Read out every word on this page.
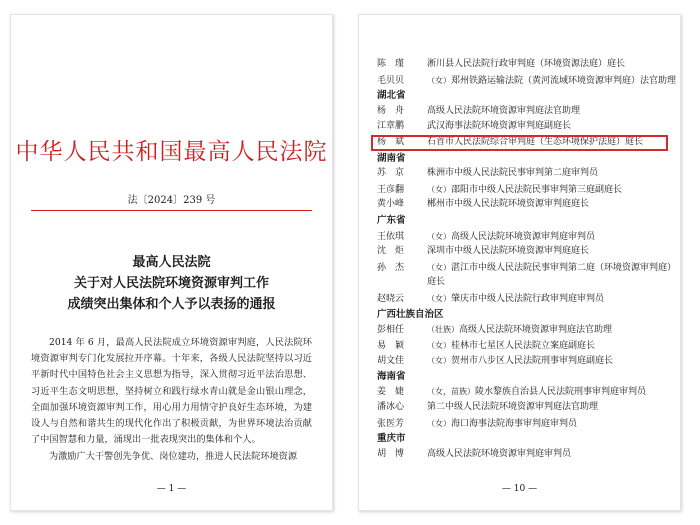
中华人民共和国最高人民法院
法〔2024〕239 号
最高人民法院
关于对人民法院环境资源审判工作
成绩突出集体和个人予以表扬的通报

2014 年 6 月，最高人民法院成立环境资源审判庭，人民法院环境资源审判专门化发展拉开序幕。十年来，各级人民法院坚持以习近平新时代中国特色社会主义思想为指导，深入贯彻习近平法治思想、习近平生态文明思想，坚持树立和践行绿水青山就是金山银山理念，全面加强环境资源审判工作，用心用力用情守护良好生态环境，为建设人与自然和谐共生的现代化作出了积极贡献，为世界环境法治贡献了中国智慧和力量，涌现出一批表现突出的集体和个人。

为激励广大干警创先争优、岗位建功，推进人民法院环境资源

— 1 —
陈　瑾	淅川县人民法院行政审判庭（环境资源法庭）庭长
毛贝贝	（女）郑州铁路运输法院（黄河流域环境资源审判庭）法官助理
湖北省
杨　舟	高级人民法院环境资源审判庭法官助理
江章鹏	武汉海事法院环境资源审判庭副庭长
杨　斌	石首市人民法院综合审判庭（生态环境保护法庭）庭长
湖南省
苏　京	株洲市中级人民法院民事审判第二庭审判员
王彦翻	（女）邵阳市中级人民法院民事审判第三庭副庭长
黄小峰	郴州市中级人民法院环境资源审判庭庭长
广东省
王依琪	（女）高级人民法院环境资源审判庭审判员
沈　炬	深圳市中级人民法院环境资源审判庭庭长
孙　杰	（女）湛江市中级人民法院民事审判第二庭（环境资源审判庭）
庭长
赵晓云	（女）肇庆市中级人民法院行政审判庭审判员
广西壮族自治区
彭相任	（壮族）高级人民法院环境资源审判庭法官助理
易　颖	（女）桂林市七星区人民法院立案庭副庭长
胡文佳	（女）贺州市八步区人民法院刑事审判庭副庭长
海南省
姜　婕	（女，苗族）陵水黎族自治县人民法院刑事审判庭审判员
潘冰心	第二中级人民法院环境资源审判庭法官助理
张医芳	（女）海口海事法院海事审判庭审判员
重庆市
胡　博	高级人民法院环境资源审判庭审判员
— 10 —
